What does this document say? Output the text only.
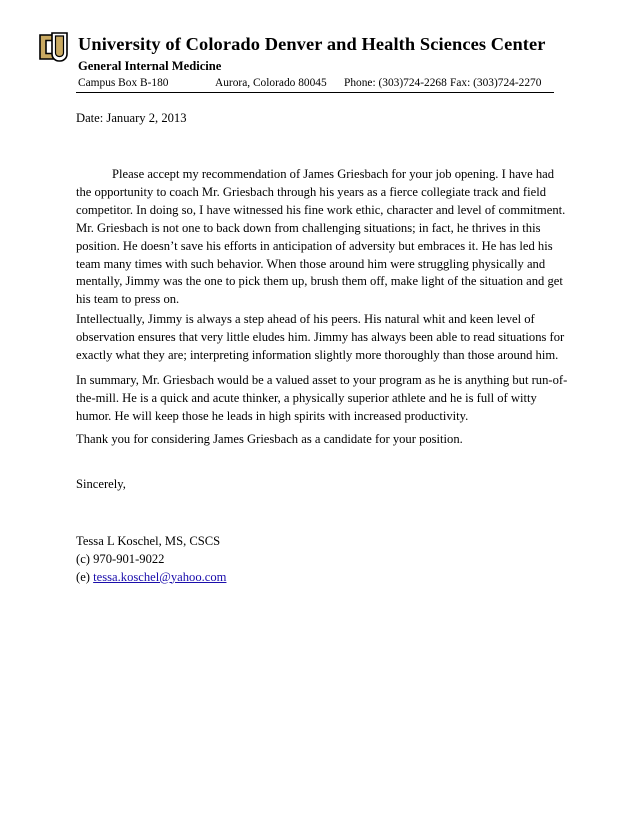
University of Colorado Denver and Health Sciences Center
General Internal Medicine
Campus Box B-180	Aurora, Colorado 80045 Phone: (303)724-2268 Fax: (303)724-2270
Date: January 2, 2013

Please accept my recommendation of James Griesbach for your job opening. I have had the opportunity to coach Mr. Griesbach through his years as a fierce collegiate track and field competitor. In doing so, I have witnessed his fine work ethic, character and level of commitment.

Mr. Griesbach is not one to back down from challenging situations; in fact, he thrives in this position. He doesn’t save his efforts in anticipation of adversity but embraces it. He has led his team many times with such behavior. When those around him were struggling physically and mentally, Jimmy was the one to pick them up, brush them off, make light of the situation and get his team to press on.

Intellectually, Jimmy is always a step ahead of his peers. His natural whit and keen level of observation ensures that very little eludes him. Jimmy has always been able to read situations for exactly what they are; interpreting information slightly more thoroughly than those around him.

In summary, Mr. Griesbach would be a valued asset to your program as he is anything but run-of-the-mill. He is a quick and acute thinker, a physically superior athlete and he is full of witty humor. He will keep those he leads in high spirits with increased productivity.

Thank you for considering James Griesbach as a candidate for your position.

Sincerely,
Tessa L Koschel, MS, CSCS
(c) 970-901-9022
(e) tessa.koschel@yahoo.com
